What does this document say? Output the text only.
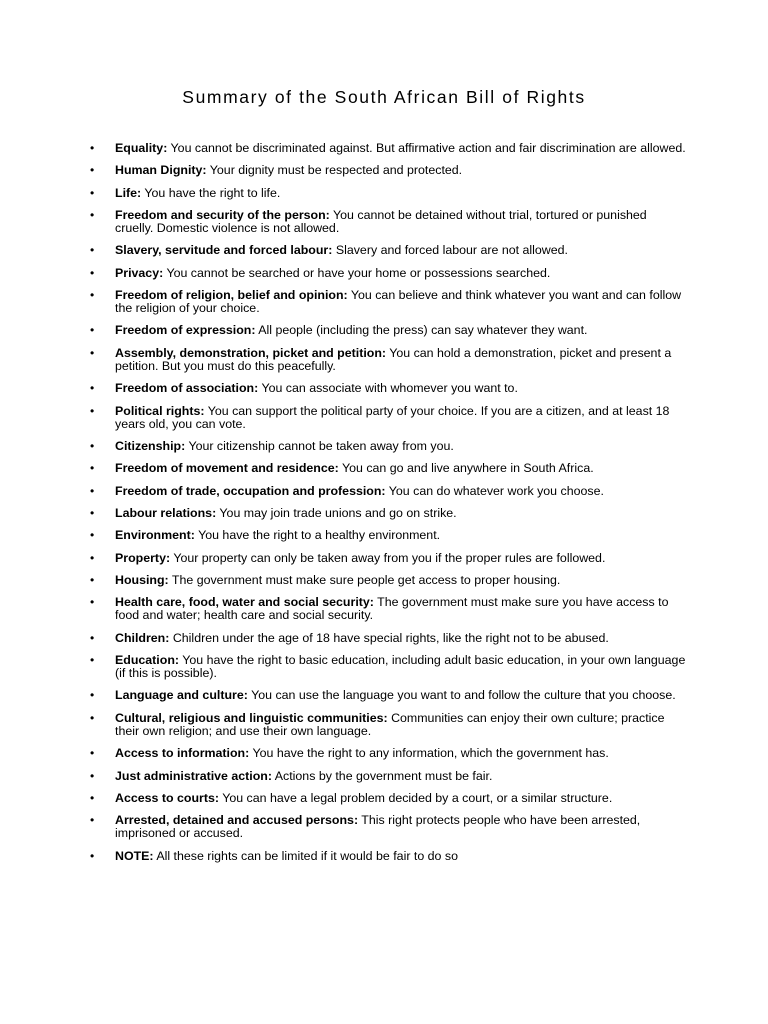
Summary of the South African Bill of Rights
• Equality: You cannot be discriminated against. But affirmative action and fair discrimination are allowed.
• Human Dignity: Your dignity must be respected and protected.
• Life: You have the right to life.
• Freedom and security of the person: You cannot be detained without trial, tortured or punished cruelly. Domestic violence is not allowed.
• Slavery, servitude and forced labour: Slavery and forced labour are not allowed.
• Privacy: You cannot be searched or have your home or possessions searched.
• Freedom of religion, belief and opinion: You can believe and think whatever you want and can follow the religion of your choice.
• Freedom of expression: All people (including the press) can say whatever they want.
• Assembly, demonstration, picket and petition: You can hold a demonstration, picket and present a petition. But you must do this peacefully.
• Freedom of association: You can associate with whomever you want to.
• Political rights: You can support the political party of your choice. If you are a citizen, and at least 18 years old, you can vote.
• Citizenship: Your citizenship cannot be taken away from you.
• Freedom of movement and residence: You can go and live anywhere in South Africa.
• Freedom of trade, occupation and profession: You can do whatever work you choose.
• Labour relations: You may join trade unions and go on strike.
• Environment: You have the right to a healthy environment.
• Property: Your property can only be taken away from you if the proper rules are followed.
• Housing: The government must make sure people get access to proper housing.
• Health care, food, water and social security: The government must make sure you have access to food and water; health care and social security.
• Children: Children under the age of 18 have special rights, like the right not to be abused.
• Education: You have the right to basic education, including adult basic education, in your own language (if this is possible).
• Language and culture: You can use the language you want to and follow the culture that you choose.
• Cultural, religious and linguistic communities: Communities can enjoy their own culture; practice their own religion; and use their own language.
• Access to information: You have the right to any information, which the government has.
• Just administrative action: Actions by the government must be fair.
• Access to courts: You can have a legal problem decided by a court, or a similar structure.
• Arrested, detained and accused persons: This right protects people who have been arrested, imprisoned or accused.
• NOTE: All these rights can be limited if it would be fair to do so
